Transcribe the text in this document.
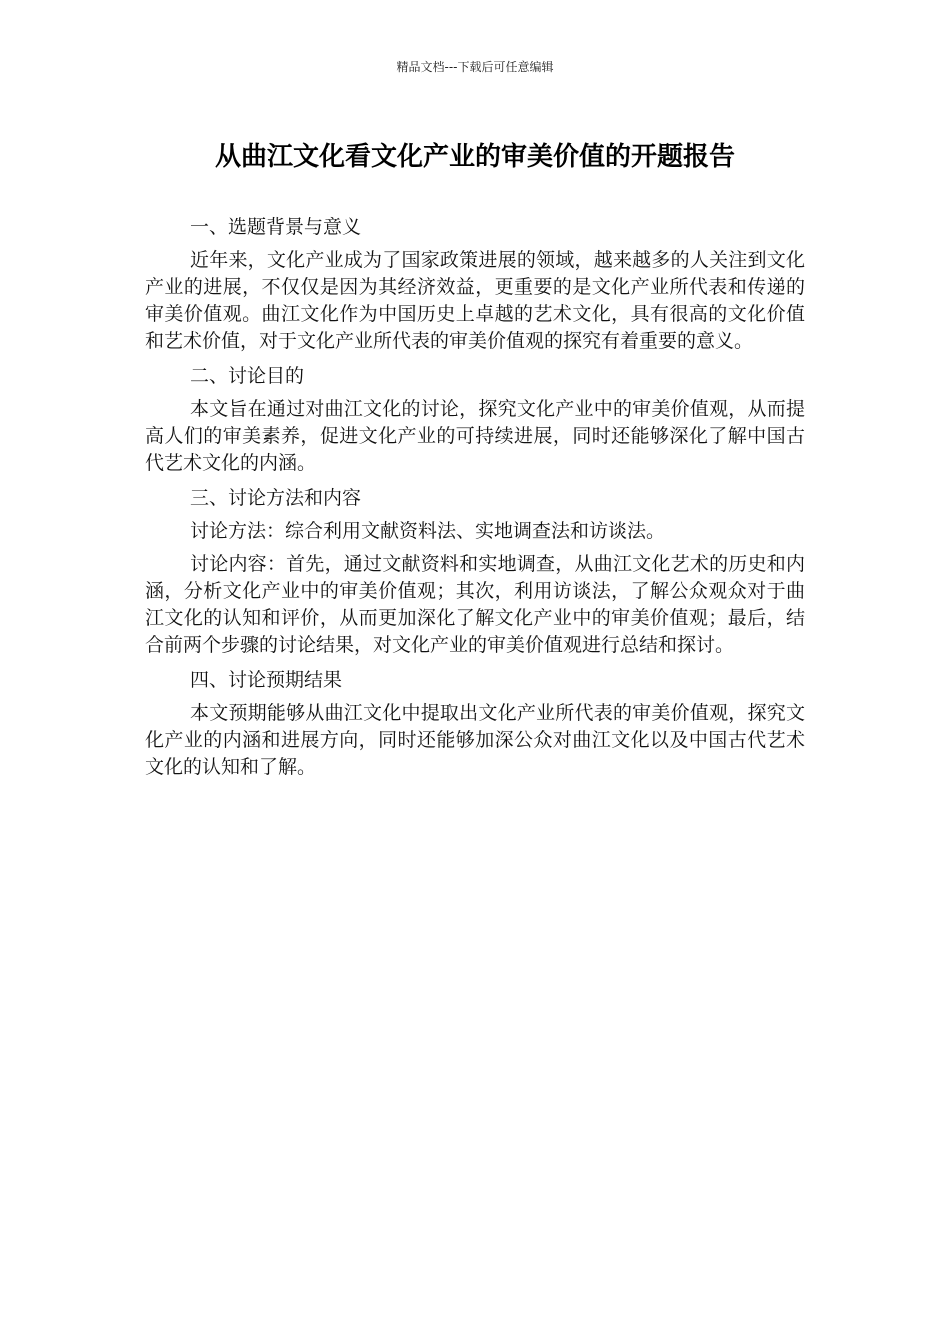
精品文档---下载后可任意编辑
从曲江文化看文化产业的审美价值的开题报告

一、选题背景与意义

近年来，文化产业成为了国家政策进展的领域，越来越多的人关注到文化产业的进展，不仅仅是因为其经济效益，更重要的是文化产业所代表和传递的审美价值观。曲江文化作为中国历史上卓越的艺术文化，具有很高的文化价值和艺术价值，对于文化产业所代表的审美价值观的探究有着重要的意义。

二、讨论目的

本文旨在通过对曲江文化的讨论，探究文化产业中的审美价值观，从而提高人们的审美素养，促进文化产业的可持续进展，同时还能够深化了解中国古代艺术文化的内涵。

三、讨论方法和内容

讨论方法：综合利用文献资料法、实地调查法和访谈法。

讨论内容：首先，通过文献资料和实地调查，从曲江文化艺术的历史和内涵，分析文化产业中的审美价值观；其次，利用访谈法，了解公众观众对于曲江文化的认知和评价，从而更加深化了解文化产业中的审美价值观；最后，结合前两个步骤的讨论结果，对文化产业的审美价值观进行总结和探讨。

四、讨论预期结果

本文预期能够从曲江文化中提取出文化产业所代表的审美价值观，探究文化产业的内涵和进展方向，同时还能够加深公众对曲江文化以及中国古代艺术文化的认知和了解。
